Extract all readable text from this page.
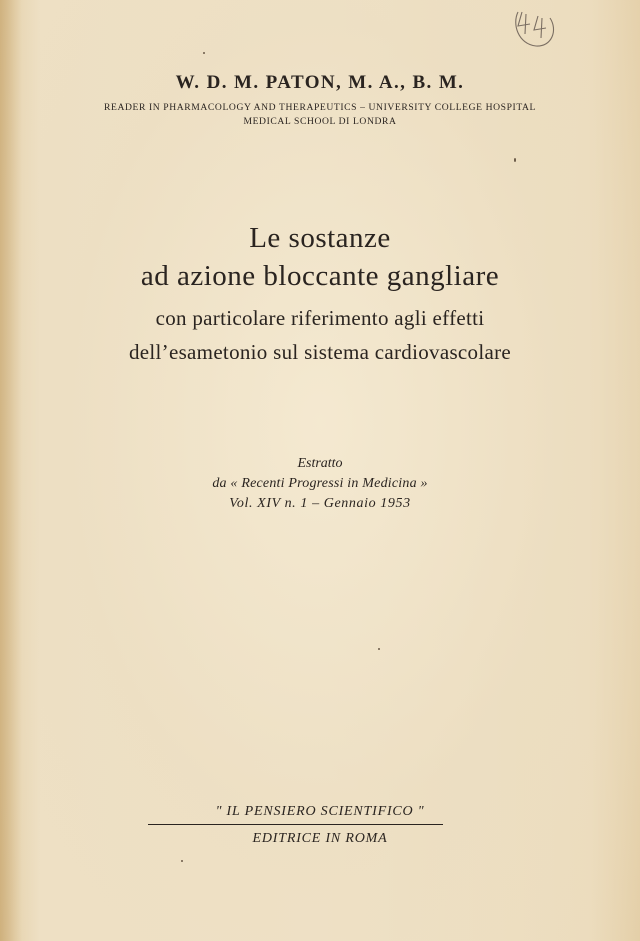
W. D. M. PATON, M. A., B. M.
READER IN PHARMACOLOGY AND THERAPEUTICS – UNIVERSITY COLLEGE HOSPITAL
MEDICAL SCHOOL DI LONDRA
Le sostanze
ad azione bloccante gangliare
con particolare riferimento agli effetti
dell’esametonio sul sistema cardiovascolare
Estratto
da « Recenti Progressi in Medicina »
Vol. XIV n. 1 – Gennaio 1953
" IL PENSIERO SCIENTIFICO "
EDITRICE IN ROMA
